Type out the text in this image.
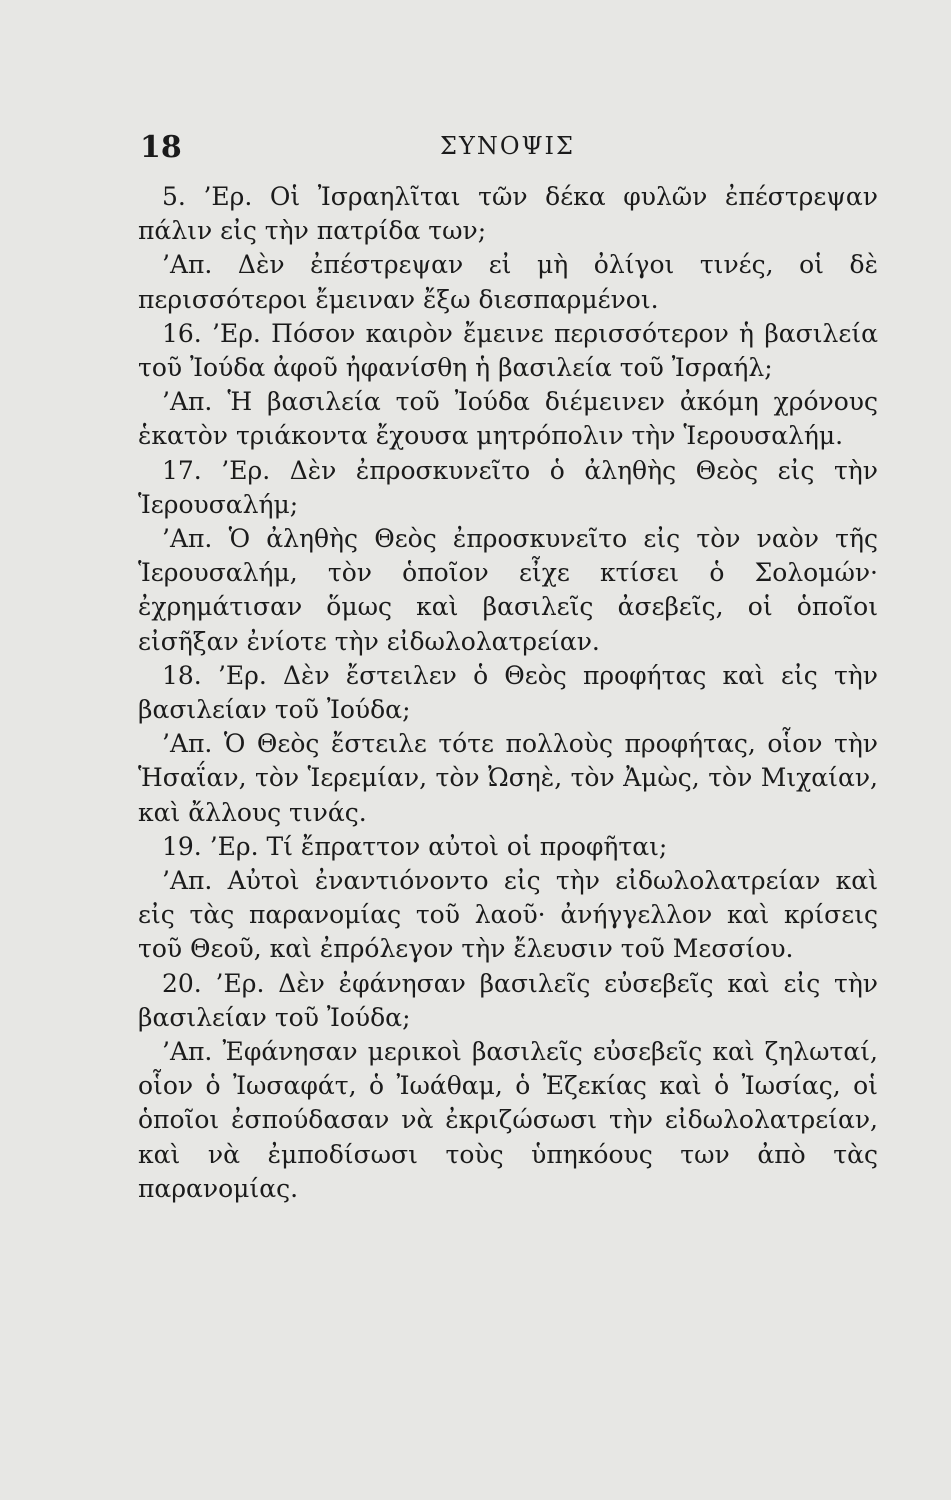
18	ΣΥΝΟΨΙΣ

5. ’Ερ. Οἱ Ἰσραηλῖται τῶν δέκα φυλῶν ἐπέστρεψαν πάλιν εἰς τὴν πατρίδα των;

’Απ. Δὲν ἐπέστρεψαν εἰ μὴ ὀλίγοι τινές, οἱ δὲ περισσότεροι ἔμειναν ἔξω διεσπαρμένοι.

16. ’Ερ. Πόσον καιρὸν ἔμεινε περισσότερον ἡ βασιλεία τοῦ Ἰούδα ἀφοῦ ἠφανίσθη ἡ βασιλεία τοῦ Ἰσραήλ;

’Απ. Ἡ βασιλεία τοῦ Ἰούδα διέμεινεν ἀκόμη χρόνους ἑκατὸν τριάκοντα ἔχουσα μητρόπολιν τὴν Ἱερουσαλήμ.

17. ’Ερ. Δὲν ἐπροσκυνεῖτο ὁ ἀληθὴς Θεὸς εἰς τὴν Ἱερουσαλήμ;

’Απ. Ὁ ἀληθὴς Θεὸς ἐπροσκυνεῖτο εἰς τὸν ναὸν τῆς Ἱερουσαλήμ, τὸν ὁποῖον εἶχε κτίσει ὁ Σολομών· ἐχρημάτισαν ὅμως καὶ βασιλεῖς ἀσεβεῖς, οἱ ὁποῖοι εἰσῆξαν ἐνίοτε τὴν εἰδωλολατρείαν.

18. ’Ερ. Δὲν ἔστειλεν ὁ Θεὸς προφήτας καὶ εἰς τὴν βασιλείαν τοῦ Ἰούδα;

’Απ. Ὁ Θεὸς ἔστειλε τότε πολλοὺς προφήτας, οἷον τὴν Ἡσαΐαν, τὸν Ἱερεμίαν, τὸν Ὠσηὲ, τὸν Ἀμὼς, τὸν Μιχαίαν, καὶ ἄλλους τινάς.

19. ’Ερ. Τί ἔπραττον αὐτοὶ οἱ προφῆται;

’Απ. Αὐτοὶ ἐναντιόνοντο εἰς τὴν εἰδωλολατρείαν καὶ εἰς τὰς παρανομίας τοῦ λαοῦ· ἀνήγγελλον καὶ κρίσεις τοῦ Θεοῦ, καὶ ἐπρόλεγον τὴν ἔλευσιν τοῦ Μεσσίου.

20. ’Ερ. Δὲν ἐφάνησαν βασιλεῖς εὐσεβεῖς καὶ εἰς τὴν βασιλείαν τοῦ Ἰούδα;

’Απ. Ἐφάνησαν μερικοὶ βασιλεῖς εὐσεβεῖς καὶ ζηλωταί, οἷον ὁ Ἰωσαφάτ, ὁ Ἰωάθαμ, ὁ Ἐζεκίας καὶ ὁ Ἰωσίας, οἱ ὁποῖοι ἐσπούδασαν νὰ ἐκριζώσωσι τὴν εἰδωλολατρείαν, καὶ νὰ ἐμποδίσωσι τοὺς ὑπηκόους των ἀπὸ τὰς παρανομίας.
